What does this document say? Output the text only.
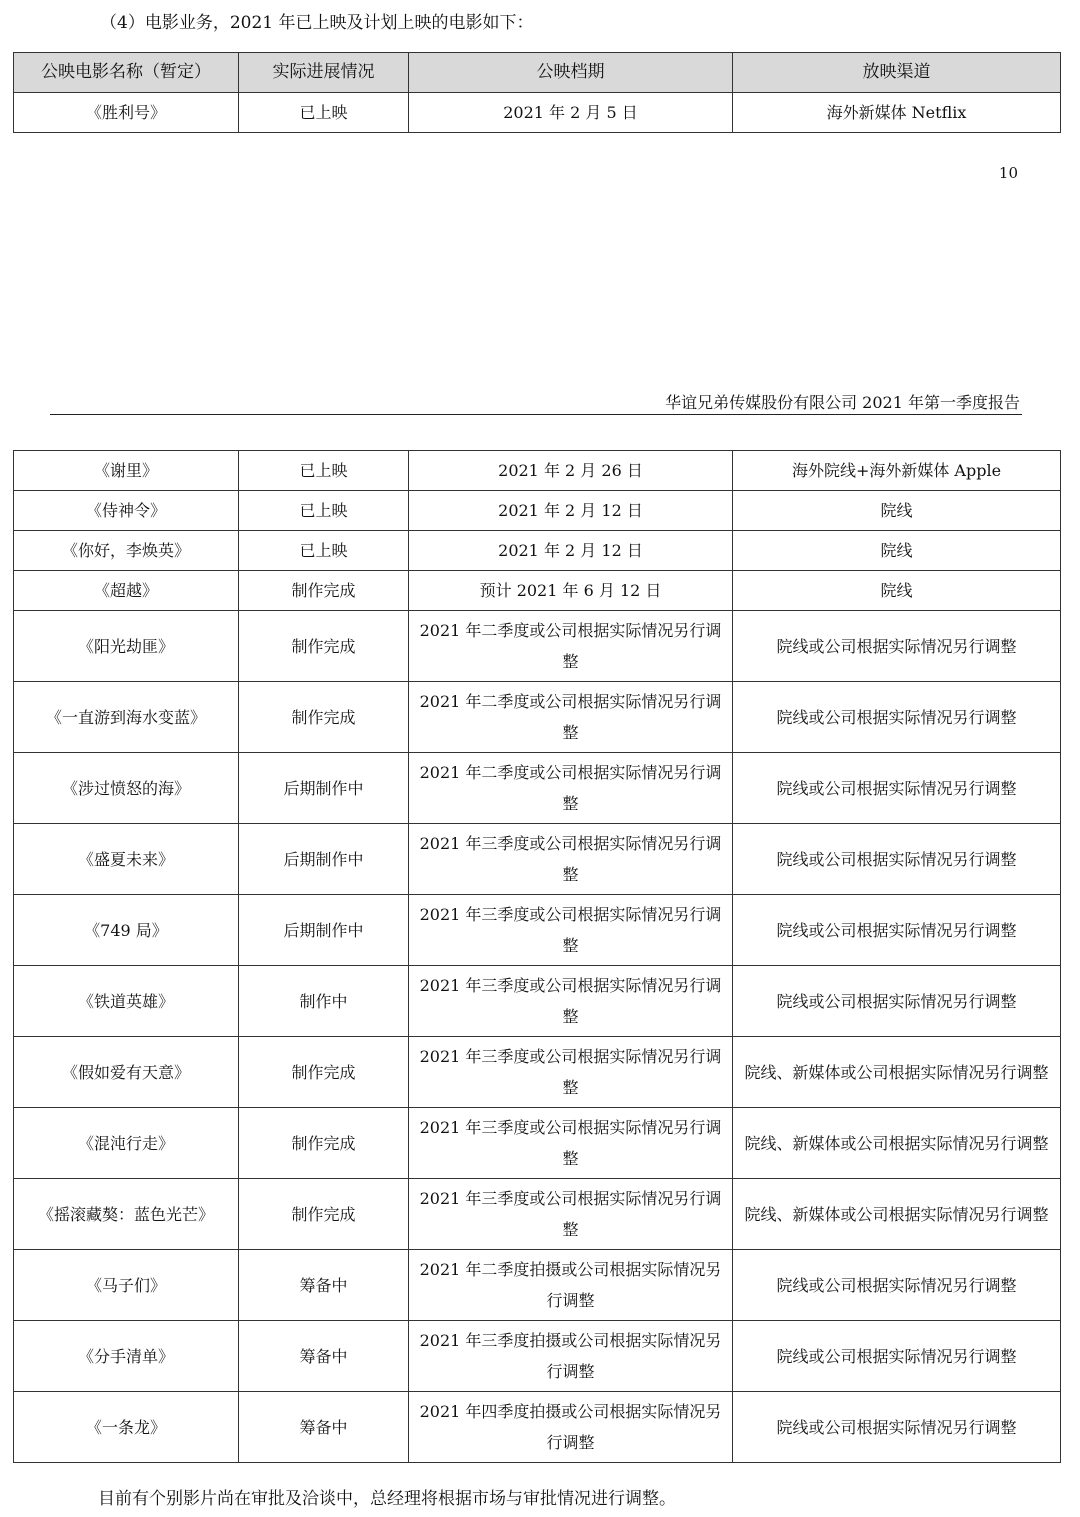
（4）电影业务，2021 年已上映及计划上映的电影如下：
公映电影名称（暂定）	实际进展情况	公映档期	放映渠道
《胜利号》	已上映	2021 年 2 月 5 日	海外新媒体 Netflix
10
华谊兄弟传媒股份有限公司 2021 年第一季度报告
《谢里》	已上映	2021 年 2 月 26 日	海外院线+海外新媒体 Apple
《侍神令》	已上映	2021 年 2 月 12 日	院线
《你好，李焕英》	已上映	2021 年 2 月 12 日	院线
《超越》	制作完成	预计 2021 年 6 月 12 日	院线
《阳光劫匪》	制作完成	2021 年二季度或公司根据实际情况另行调整	院线或公司根据实际情况另行调整
《一直游到海水变蓝》	制作完成	2021 年二季度或公司根据实际情况另行调整	院线或公司根据实际情况另行调整
《涉过愤怒的海》	后期制作中	2021 年二季度或公司根据实际情况另行调整	院线或公司根据实际情况另行调整
《盛夏未来》	后期制作中	2021 年三季度或公司根据实际情况另行调整	院线或公司根据实际情况另行调整
《749 局》	后期制作中	2021 年三季度或公司根据实际情况另行调整	院线或公司根据实际情况另行调整
《铁道英雄》	制作中	2021 年三季度或公司根据实际情况另行调整	院线或公司根据实际情况另行调整
《假如爱有天意》	制作完成	2021 年三季度或公司根据实际情况另行调整	院线、新媒体或公司根据实际情况另行调整
《混沌行走》	制作完成	2021 年三季度或公司根据实际情况另行调整	院线、新媒体或公司根据实际情况另行调整
《摇滚藏獒：蓝色光芒》	制作完成	2021 年三季度或公司根据实际情况另行调整	院线、新媒体或公司根据实际情况另行调整
《马子们》	筹备中	2021 年二季度拍摄或公司根据实际情况另行调整	院线或公司根据实际情况另行调整
《分手清单》	筹备中	2021 年三季度拍摄或公司根据实际情况另行调整	院线或公司根据实际情况另行调整
《一条龙》	筹备中	2021 年四季度拍摄或公司根据实际情况另行调整	院线或公司根据实际情况另行调整
目前有个别影片尚在审批及洽谈中，总经理将根据市场与审批情况进行调整。
